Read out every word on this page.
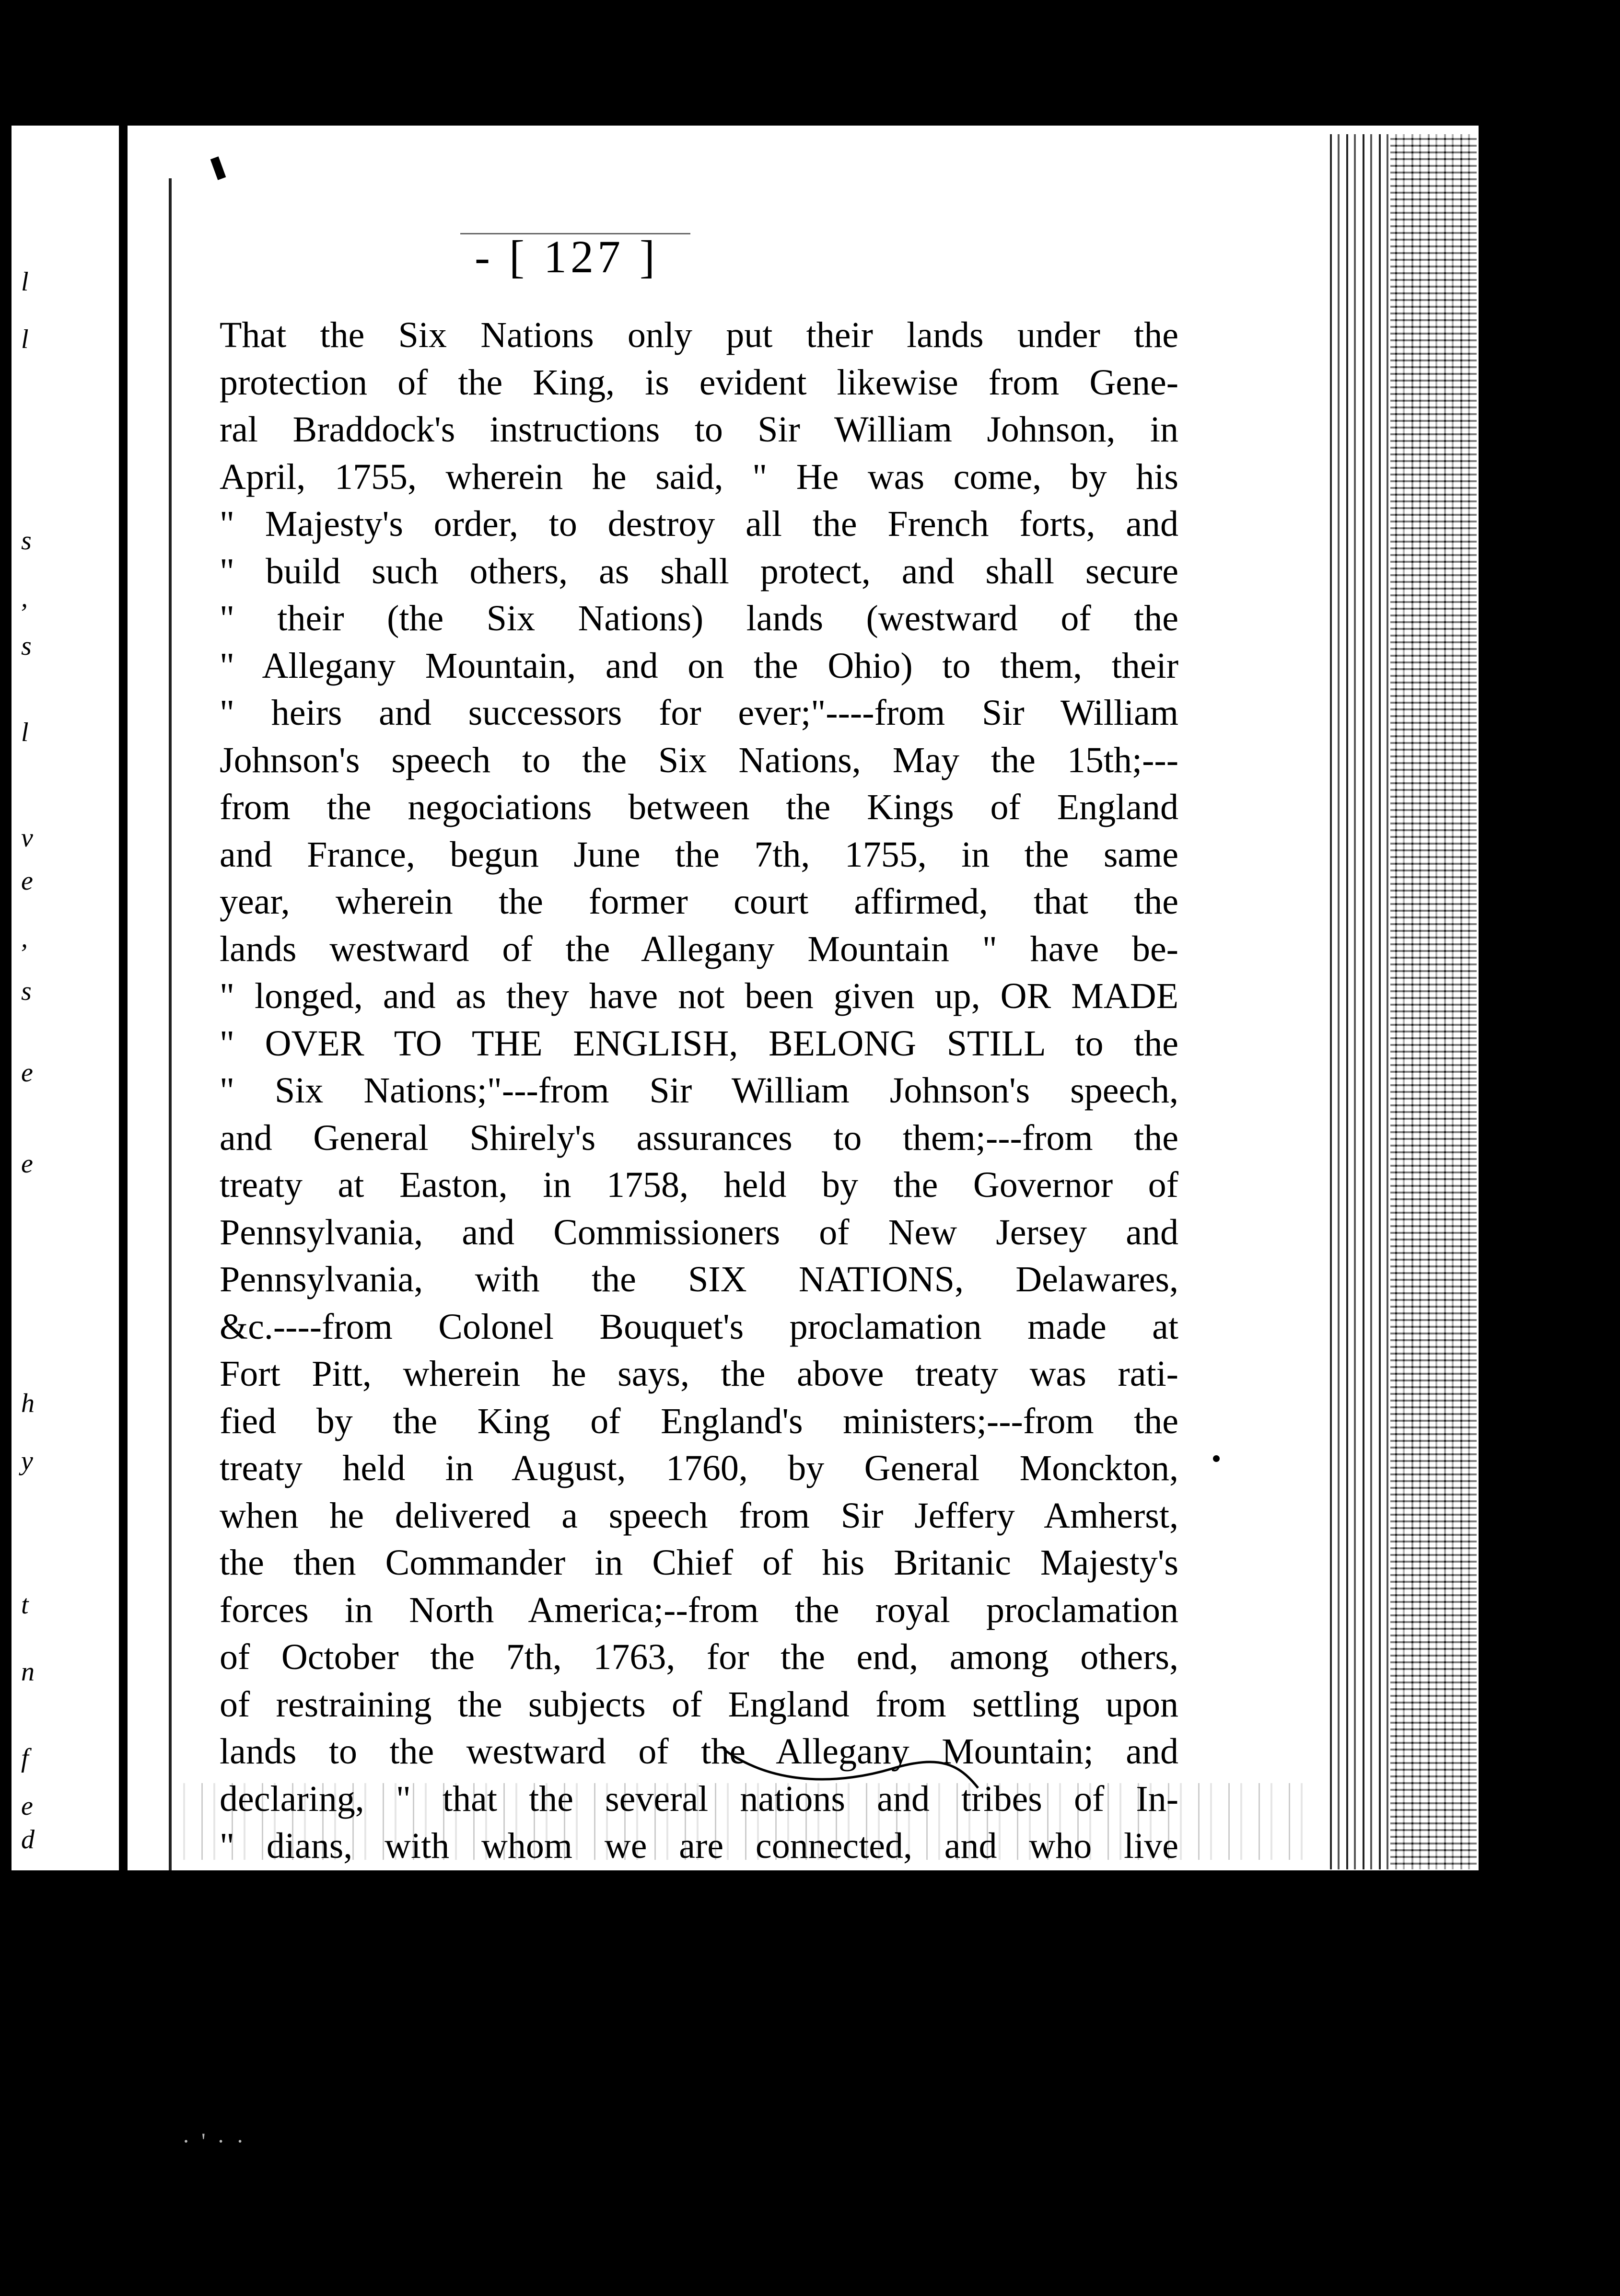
l
l
s
,
s
l
v
e
,
s
e
e
h
y
t
n
f
e
d
- [ 127 ]
That the Six Nations only put their lands under the
protection of the King, is evident likewise from Gene-
ral Braddock's instructions to Sir William Johnson, in
April, 1755, wherein he said, " He was come, by his
" Majesty's order, to destroy all the French forts, and
" build such others, as shall protect, and shall secure
" their (the Six Nations) lands (westward of the
" Allegany Mountain, and on the Ohio) to them, their
" heirs and successors for ever;"----from Sir William
Johnson's speech to the Six Nations, May the 15th;---
from the negociations between the Kings of England
and France, begun June the 7th, 1755, in the same
year, wherein the former court affirmed, that the
lands westward of the Allegany Mountain " have be-
" longed, and as they have not been given up, OR MADE
" OVER TO THE ENGLISH, BELONG STILL to the
" Six Nations;"---from Sir William Johnson's speech,
and General Shirely's assurances to them;---from the
treaty at Easton, in 1758, held by the Governor of
Pennsylvania, and Commissioners of New Jersey and
Pennsylvania, with the SIX NATIONS, Delawares,
&c.----from Colonel Bouquet's proclamation made at
Fort Pitt, wherein he says, the above treaty was rati-
fied by the King of England's ministers;---from the
treaty held in August, 1760, by General Monckton,
when he delivered a speech from Sir Jeffery Amherst,
the then Commander in Chief of his Britanic Majesty's
forces in North America;--from the royal proclamation
of October the 7th, 1763, for the end, among others,
of restraining the subjects of England from settling upon
lands to the westward of the Allegany Mountain; and
declaring, " that the several nations and tribes of In-
" dians, with whom we are connected, and who live
" UNDER OUR PROTECTION," (see also to this pur-
pose the treaty at Albany, and General Braddock's in-
structions;
· ' · ·
